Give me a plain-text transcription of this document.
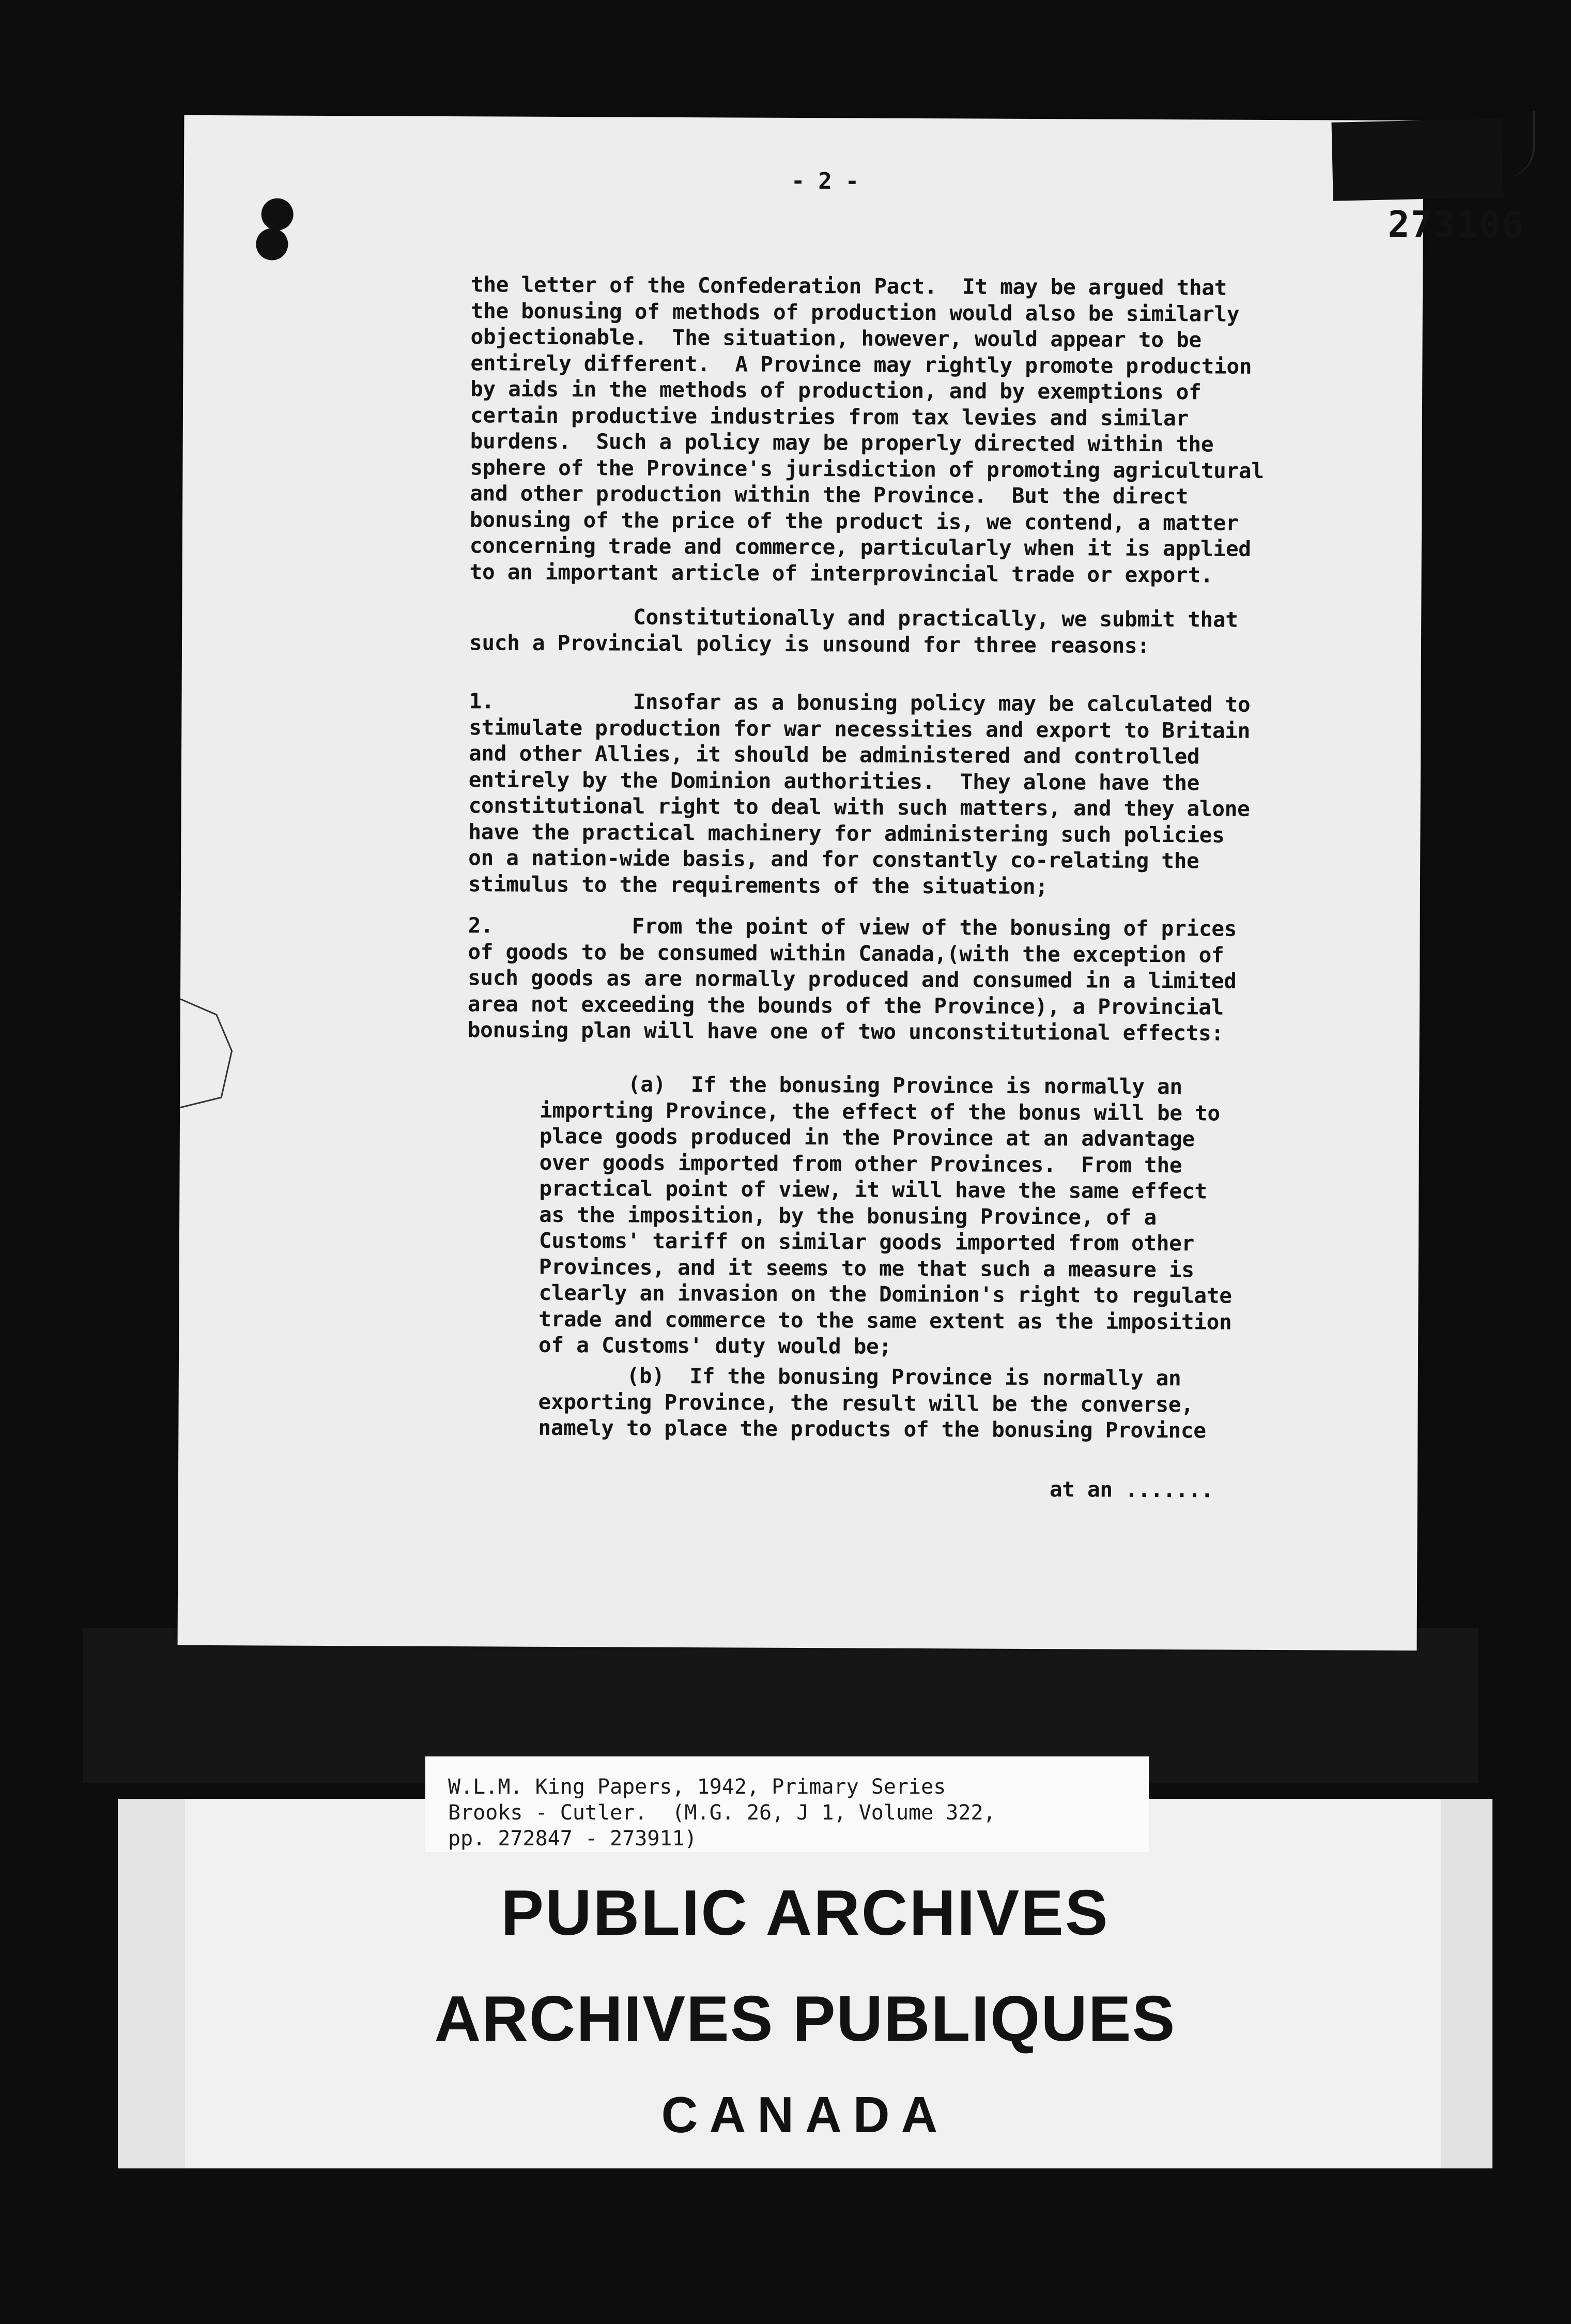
- 2 -

273106

the letter of the Confederation Pact.  It may be argued that
the bonusing of methods of production would also be similarly
objectionable.  The situation, however, would appear to be
entirely different.  A Province may rightly promote production
by aids in the methods of production, and by exemptions of
certain productive industries from tax levies and similar
burdens.  Such a policy may be properly directed within the
sphere of the Province's jurisdiction of promoting agricultural
and other production within the Province.  But the direct
bonusing of the price of the product is, we contend, a matter
concerning trade and commerce, particularly when it is applied
to an important article of interprovincial trade or export.

Constitutionally and practically, we submit that
such a Provincial policy is unsound for three reasons:

1.           Insofar as a bonusing policy may be calculated to
stimulate production for war necessities and export to Britain
and other Allies, it should be administered and controlled
entirely by the Dominion authorities.  They alone have the
constitutional right to deal with such matters, and they alone
have the practical machinery for administering such policies
on a nation-wide basis, and for constantly co-relating the
stimulus to the requirements of the situation;

2.           From the point of view of the bonusing of prices
of goods to be consumed within Canada,(with the exception of
such goods as are normally produced and consumed in a limited
area not exceeding the bounds of the Province), a Provincial
bonusing plan will have one of two unconstitutional effects:

(a)  If the bonusing Province is normally an
importing Province, the effect of the bonus will be to
place goods produced in the Province at an advantage
over goods imported from other Provinces.  From the
practical point of view, it will have the same effect
as the imposition, by the bonusing Province, of a
Customs' tariff on similar goods imported from other
Provinces, and it seems to me that such a measure is
clearly an invasion on the Dominion's right to regulate
trade and commerce to the same extent as the imposition
of a Customs' duty would be;

(b)  If the bonusing Province is normally an
exporting Province, the result will be the converse,
namely to place the products of the bonusing Province

at an .......

PUBLIC ARCHIVES

ARCHIVES PUBLIQUES

CANADA

W.L.M. King Papers, 1942, Primary Series
Brooks - Cutler.  (M.G. 26, J 1, Volume 322,
pp. 272847 - 273911)
